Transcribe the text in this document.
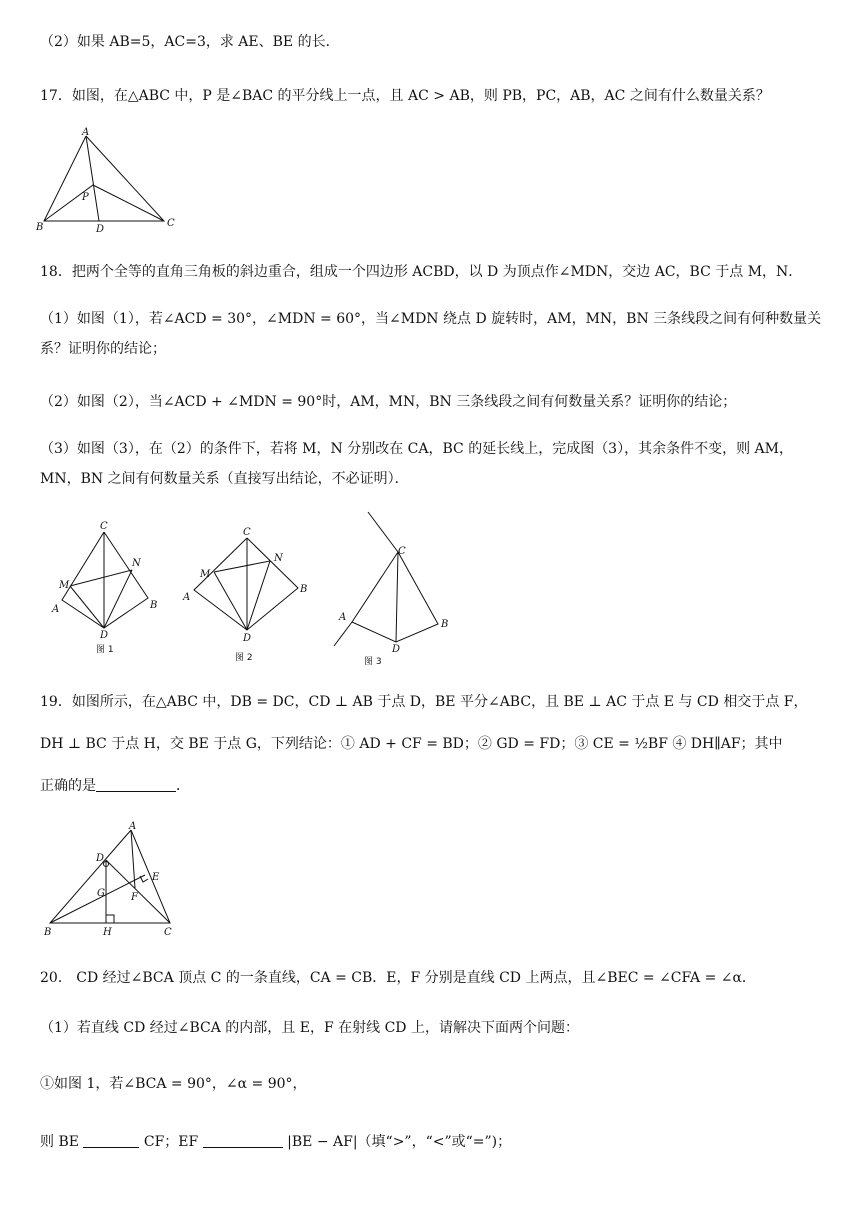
（2）如果 AB=5，AC=3，求 AE、BE 的长．
17．如图，在△ABC 中，P 是∠BAC 的平分线上一点，且 AC > AB，则 PB，PC，AB，AC 之间有什么数量关系？
A
B	C
P
D
18．把两个全等的直角三角板的斜边重合，组成一个四边形 ACBD，以 D 为顶点作∠MDN，交边 AC，BC 于点 M，N．
（1）如图（1），若∠ACD = 30°，∠MDN = 60°，当∠MDN 绕点 D 旋转时，AM，MN，BN 三条线段之间有何种数量关系？证明你的结论；
（2）如图（2），当∠ACD + ∠MDN = 90°时，AM，MN，BN 三条线段之间有何数量关系？证明你的结论；
（3）如图（3），在（2）的条件下，若将 M，N 分别改在 CA，BC 的延长线上，完成图（3），其余条件不变，则 AM，MN，BN 之间有何数量关系（直接写出结论，不必证明）．
C
M
N
A	B
D
图 1
C
M
N
A
B
D
图 2
C
A
B
D
图 3
19．如图所示，在△ABC 中，DB = DC，CD ⊥ AB 于点 D，BE 平分∠ABC，且 BE ⊥ AC 于点 E 与 CD 相交于点 F，
DH ⊥ BC 于点 H，交 BE 于点 G，下列结论：① AD + CF = BD；② GD = FD；③ CE = ½BF ④ DH∥AF；其中
正确的是	．
A
D
E
G	F
B	H	C
20． CD 经过∠BCA 顶点 C 的一条直线，CA = CB．E，F 分别是直线 CD 上两点，且∠BEC = ∠CFA = ∠α．
（1）若直线 CD 经过∠BCA 的内部，且 E，F 在射线 CD 上，请解决下面两个问题：
①如图 1，若∠BCA = 90°，∠α = 90°，
则 BE	CF；EF	|BE − AF|（填“>”，“<”或“=”)；
